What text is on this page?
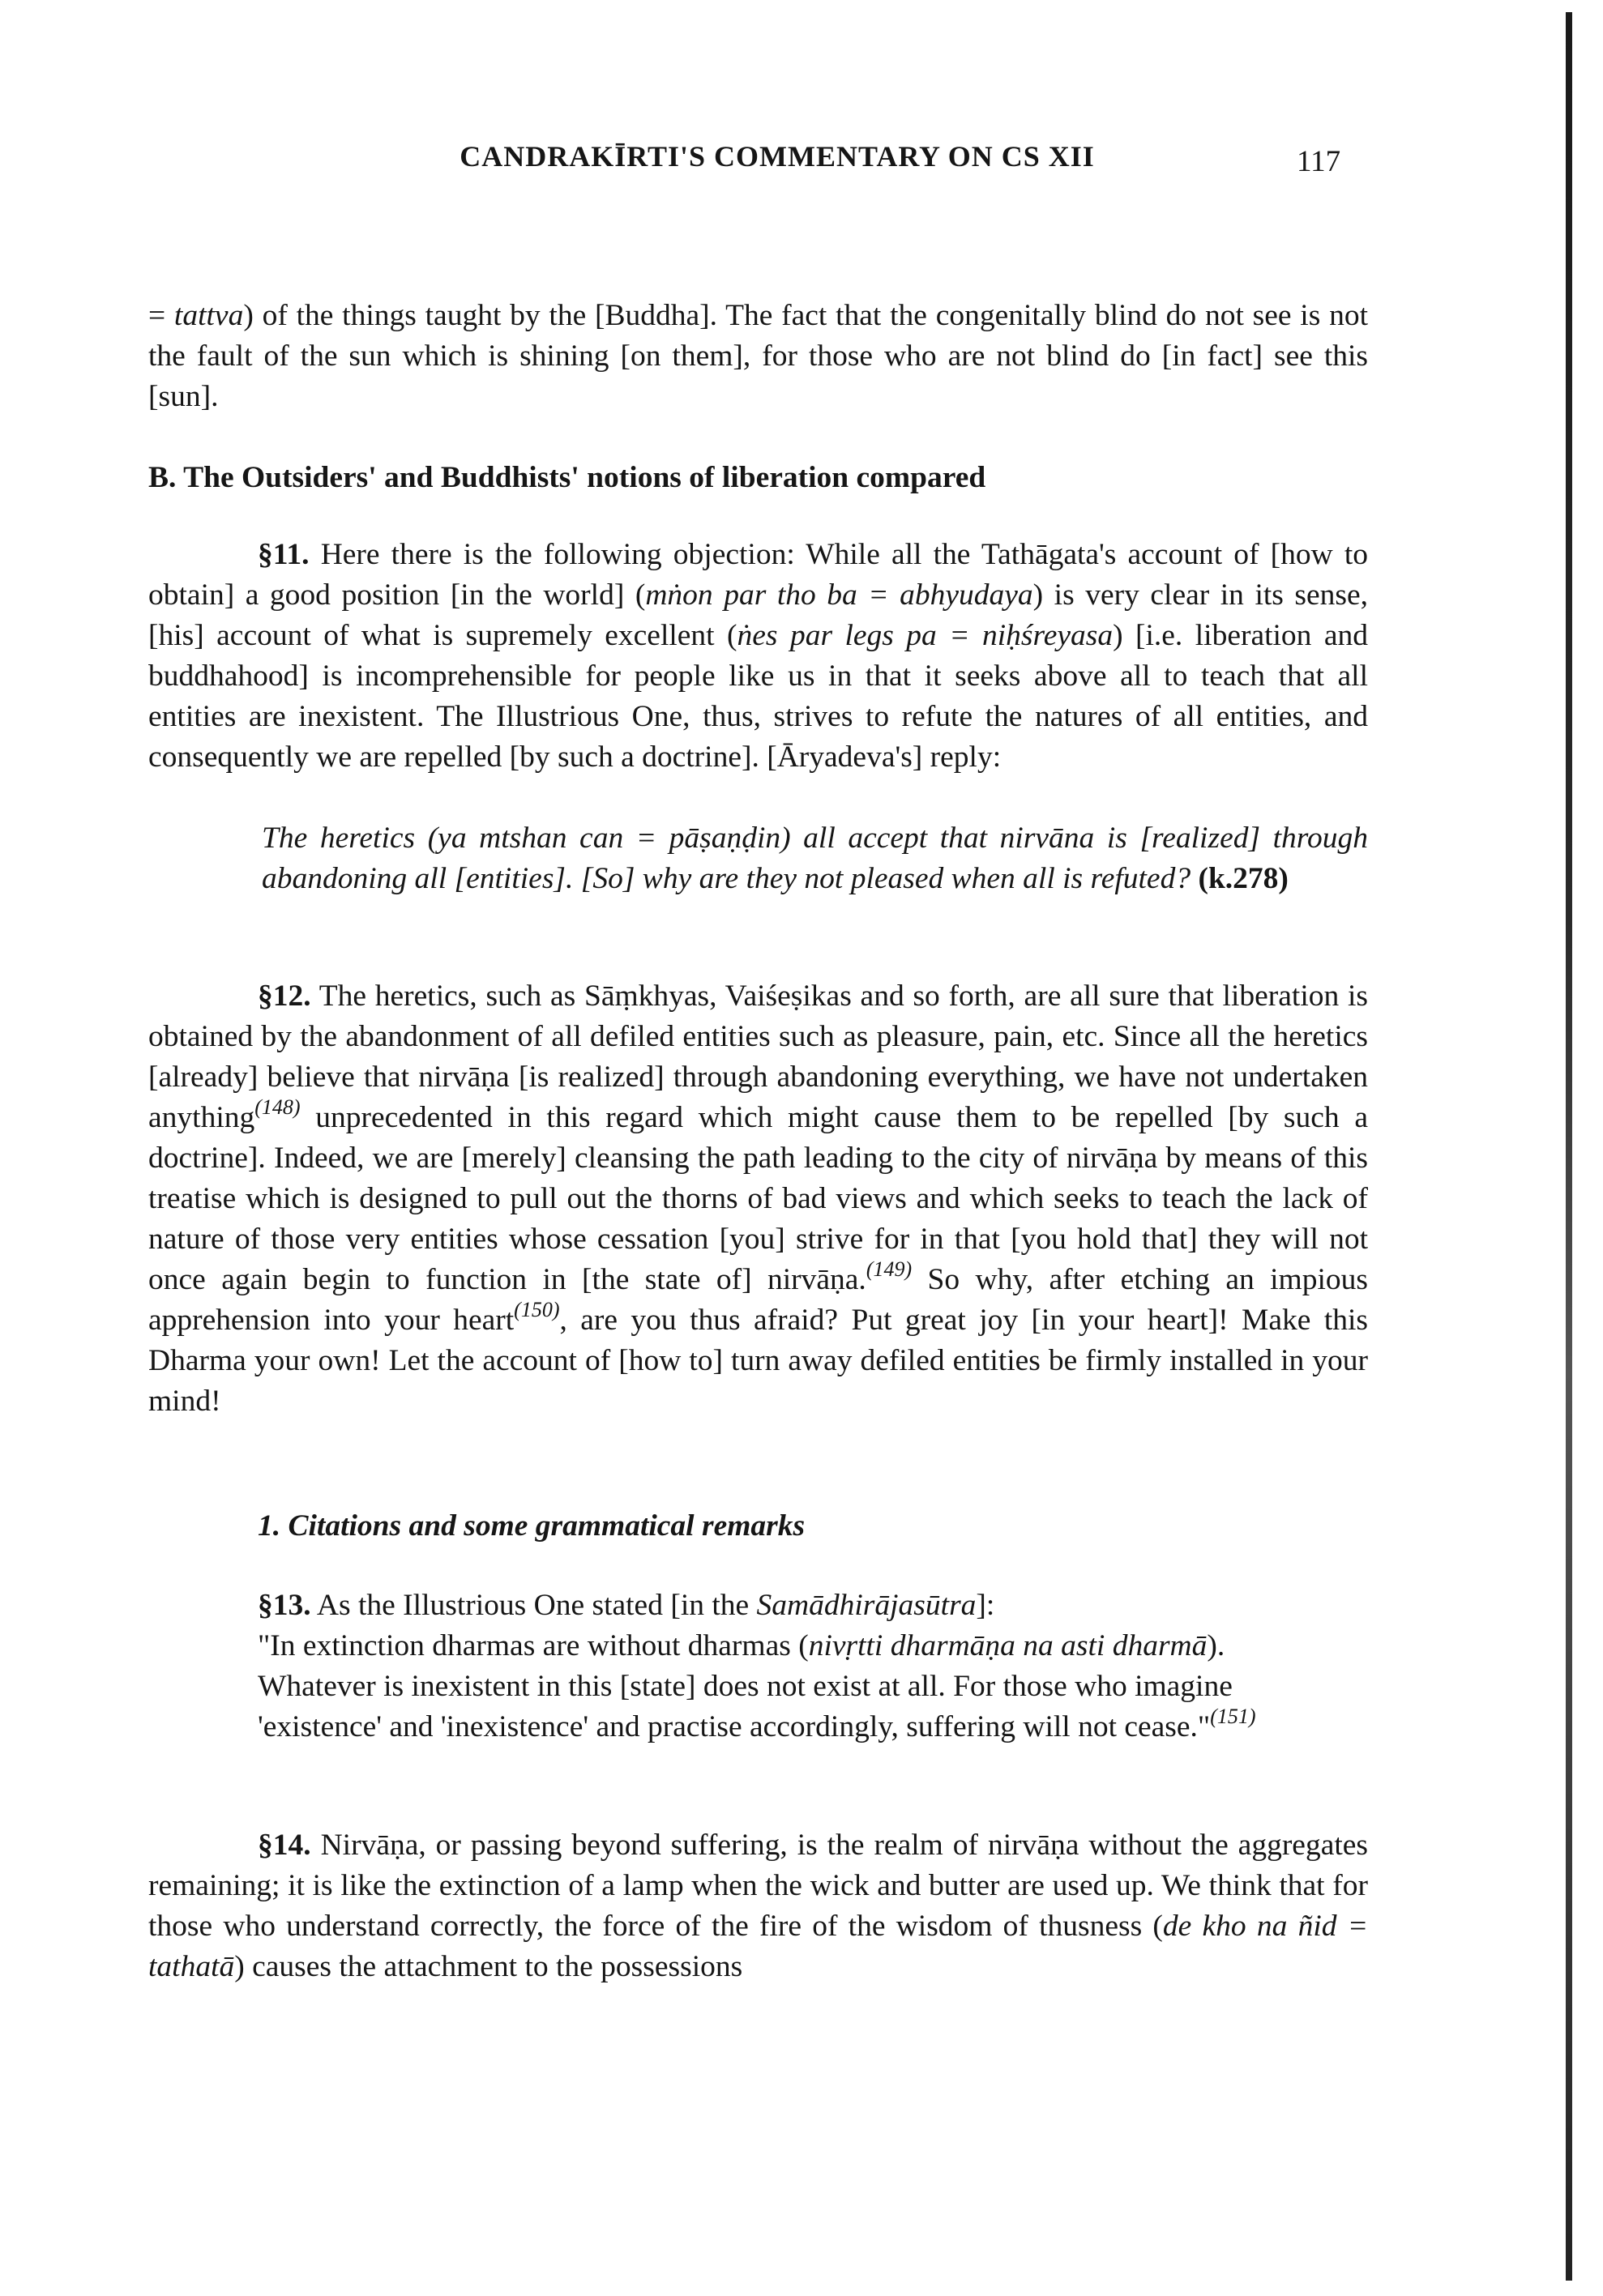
CANDRAKĪRTI'S COMMENTARY ON CS XII	117
= tattva) of the things taught by the [Buddha]. The fact that the congenitally blind do not see is not the fault of the sun which is shining [on them], for those who are not blind do [in fact] see this [sun].
B. The Outsiders' and Buddhists' notions of liberation compared

§11. Here there is the following objection: While all the Tathāgata's account of [how to obtain] a good position [in the world] (mṅon par tho ba = abhyudaya) is very clear in its sense, [his] account of what is supremely excellent (ṅes par legs pa = niḥśreyasa) [i.e. liberation and buddhahood] is incomprehensible for people like us in that it seeks above all to teach that all entities are inexistent. The Illustrious One, thus, strives to refute the natures of all entities, and consequently we are repelled [by such a doctrine]. [Āryadeva's] reply:

The heretics (ya mtshan can = pāṣaṇḍin) all accept that nirvāna is [realized] through abandoning all [entities]. [So] why are they not pleased when all is refuted? (k.278)

§12. The heretics, such as Sāṃkhyas, Vaiśeṣikas and so forth, are all sure that liberation is obtained by the abandonment of all defiled entities such as pleasure, pain, etc. Since all the heretics [already] believe that nirvāṇa [is realized] through abandoning everything, we have not undertaken anything$^{(148)}$ unprecedented in this regard which might cause them to be repelled [by such a doctrine]. Indeed, we are [merely] cleansing the path leading to the city of nirvāṇa by means of this treatise which is designed to pull out the thorns of bad views and which seeks to teach the lack of nature of those very entities whose cessation [you] strive for in that [you hold that] they will not once again begin to function in [the state of] nirvāṇa.$^{(149)}$ So why, after etching an impious apprehension into your heart$^{(150)}$, are you thus afraid? Put great joy [in your heart]! Make this Dharma your own! Let the account of [how to] turn away defiled entities be firmly installed in your mind!

1. Citations and some grammatical remarks

§13. As the Illustrious One stated [in the Samādhirājasūtra]:

"In extinction dharmas are without dharmas (nivṛtti dharmāṇa na asti dharmā). Whatever is inexistent in this [state] does not exist at all. For those who imagine 'existence' and 'inexistence' and practise accordingly, suffering will not cease."$^{(151)}$

§14. Nirvāṇa, or passing beyond suffering, is the realm of nirvāṇa without the aggregates remaining; it is like the extinction of a lamp when the wick and butter are used up. We think that for those who understand correctly, the force of the fire of the wisdom of thusness (de kho na ñid = tathatā) causes the attachment to the possessions
